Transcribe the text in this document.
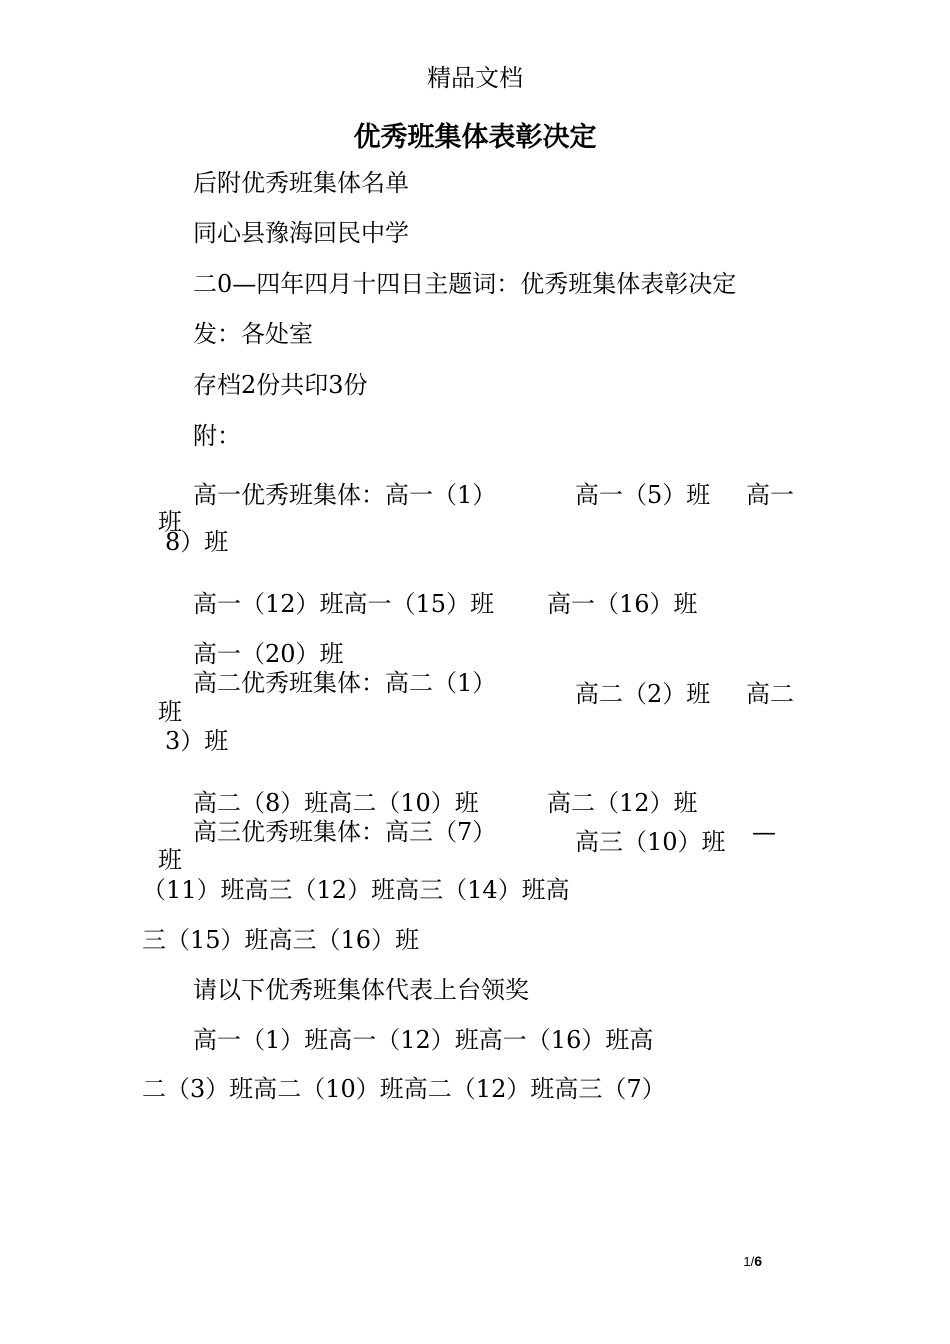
精品文档
优秀班集体表彰决定
后附优秀班集体名单
同心县豫海回民中学
二0—四年四月十四日主题词：优秀班集体表彰决定
发：各处室
存档2份共印3份
附：
高一优秀班集体：高一（1）	高一（5）班 高一
班
8）班
高一（12）班高一（15）班 高一（16）班
高一（20）班
高二优秀班集体：高二（1）	高二（2）班 高二
班
3）班
高二（8）班高二（10）班	高二（12）班
高三优秀班集体：高三（7）	高三（10）班 —
班
（11）班高三（12）班高三（14）班高
三（15）班高三（16）班
请以下优秀班集体代表上台领奖
高一（1）班高一（12）班高一（16）班高
二（3）班高二（10）班高二（12）班高三（7）
1/6
